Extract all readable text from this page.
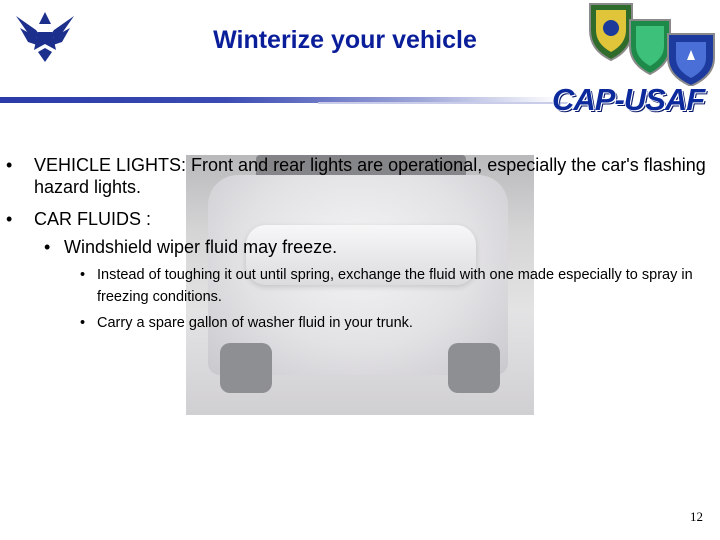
Winterize your vehicle
CAP-USAF
• VEHICLE LIGHTS: Front and rear lights are operational, especially the car's flashing hazard lights.
• CAR FLUIDS :
• Windshield wiper fluid may freeze.
• Instead of toughing it out until spring, exchange the fluid with one made especially to spray in freezing conditions.
• Carry a spare gallon of washer fluid in your trunk.
12
